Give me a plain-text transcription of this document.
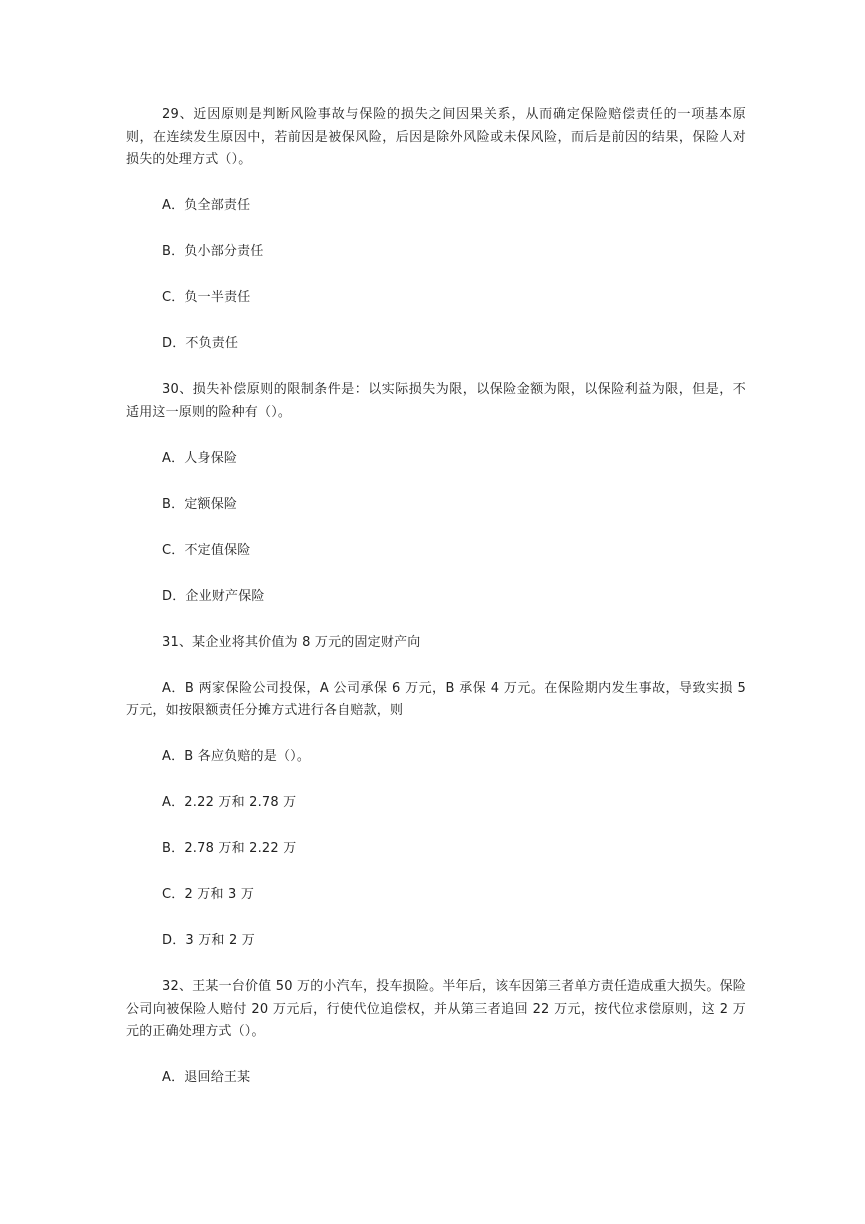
29、近因原则是判断风险事故与保险的损失之间因果关系，从而确定保险赔偿责任的一项基本原则，在连续发生原因中，若前因是被保风险，后因是除外风险或未保风险，而后是前因的结果，保险人对损失的处理方式（）。

A．负全部责任

B．负小部分责任

C．负一半责任

D．不负责任

30、损失补偿原则的限制条件是：以实际损失为限，以保险金额为限，以保险利益为限，但是，不适用这一原则的险种有（）。

A．人身保险

B．定额保险

C．不定值保险

D．企业财产保险

31、某企业将其价值为 8 万元的固定财产向

A．B 两家保险公司投保，A 公司承保 6 万元，B 承保 4 万元。在保险期内发生事故，导致实损 5 万元，如按限额责任分摊方式进行各自赔款，则

A．B 各应负赔的是（）。

A．2.22 万和 2.78 万

B．2.78 万和 2.22 万

C．2 万和 3 万

D．3 万和 2 万

32、王某一台价值 50 万的小汽车，投车损险。半年后，该车因第三者单方责任造成重大损失。保险公司向被保险人赔付 20 万元后，行使代位追偿权，并从第三者追回 22 万元，按代位求偿原则，这 2 万元的正确处理方式（）。

A．退回给王某
